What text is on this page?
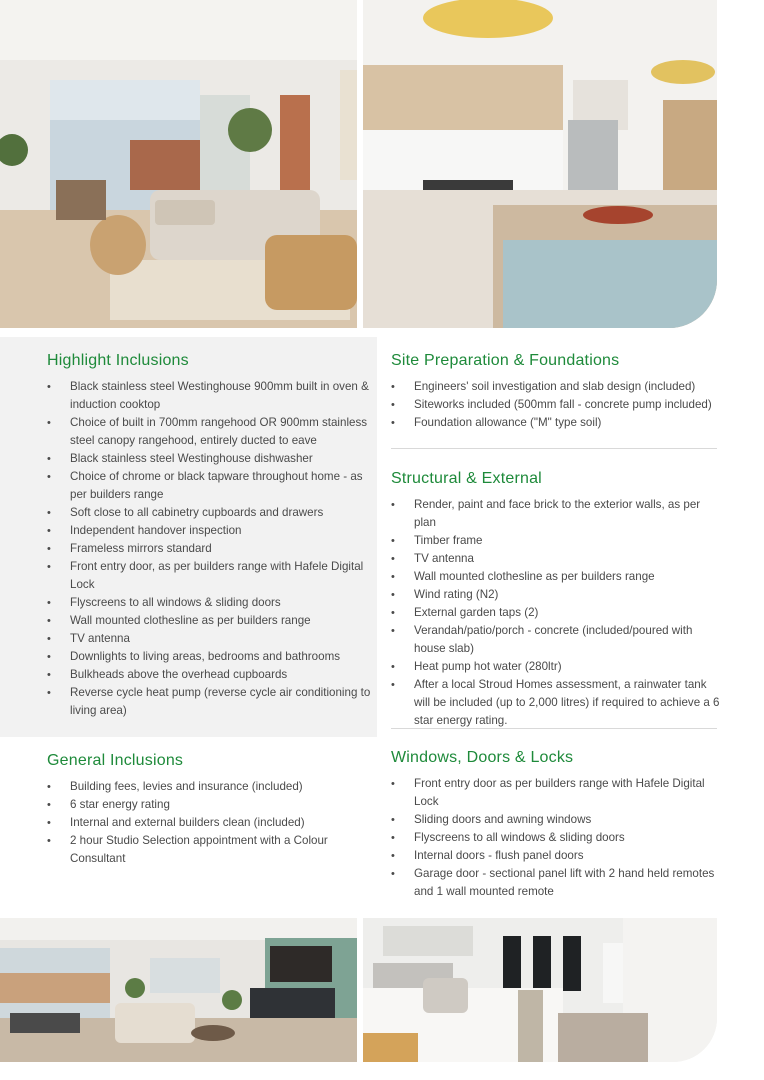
Highlight Inclusions
• Black stainless steel Westinghouse 900mm built in oven & induction cooktop
• Choice of built in 700mm rangehood OR 900mm stainless steel canopy rangehood, entirely ducted to eave
• Black stainless steel Westinghouse dishwasher
• Choice of chrome or black tapware throughout home - as per builders range
• Soft close to all cabinetry cupboards and drawers
• Independent handover inspection
• Frameless mirrors standard
• Front entry door, as per builders range with Hafele Digital Lock
• Flyscreens to all windows & sliding doors
• Wall mounted clothesline as per builders range
• TV antenna
• Downlights to living areas, bedrooms and bathrooms
• Bulkheads above the overhead cupboards
• Reverse cycle heat pump (reverse cycle air conditioning to living area)
General Inclusions
• Building fees, levies and insurance (included)
• 6 star energy rating
• Internal and external builders clean (included)
• 2 hour Studio Selection appointment with a Colour Consultant
Site Preparation & Foundations
• Engineers' soil investigation and slab design (included)
• Siteworks included (500mm fall - concrete pump included)
• Foundation allowance ("M" type soil)
Structural & External
• Render, paint and face brick to the exterior walls, as per plan
• Timber frame
• TV antenna
• Wall mounted clothesline as per builders range
• Wind rating (N2)
• External garden taps (2)
• Verandah/patio/porch - concrete (included/poured with house slab)
• Heat pump hot water (280ltr)
• After a local Stroud Homes assessment, a rainwater tank will be included (up to 2,000 litres) if required to achieve a 6 star energy rating.
Windows, Doors & Locks
• Front entry door as per builders range with Hafele Digital Lock
• Sliding doors and awning windows
• Flyscreens to all windows & sliding doors
• Internal doors - flush panel doors
• Garage door - sectional panel lift with 2 hand held remotes and 1 wall mounted remote
